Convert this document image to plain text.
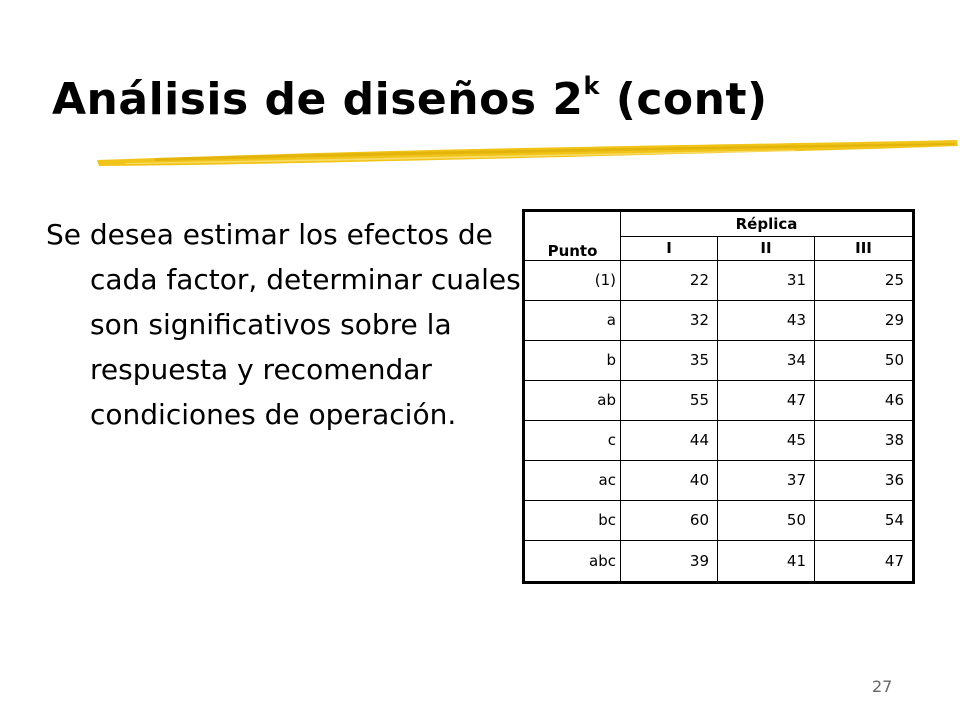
Análisis de diseños 2$^k$ (cont)

Se desea estimar los efectos de cada factor, determinar cuales son significativos sobre la respuesta y recomendar condiciones de operación.

Punto	Réplica		
	I	II	III
(1)	22	31	25
a	32	43	29
b	35	34	50
ab	55	47	46
c	44	45	38
ac	40	37	36
bc	60	50	54
abc	39	41	47
27
